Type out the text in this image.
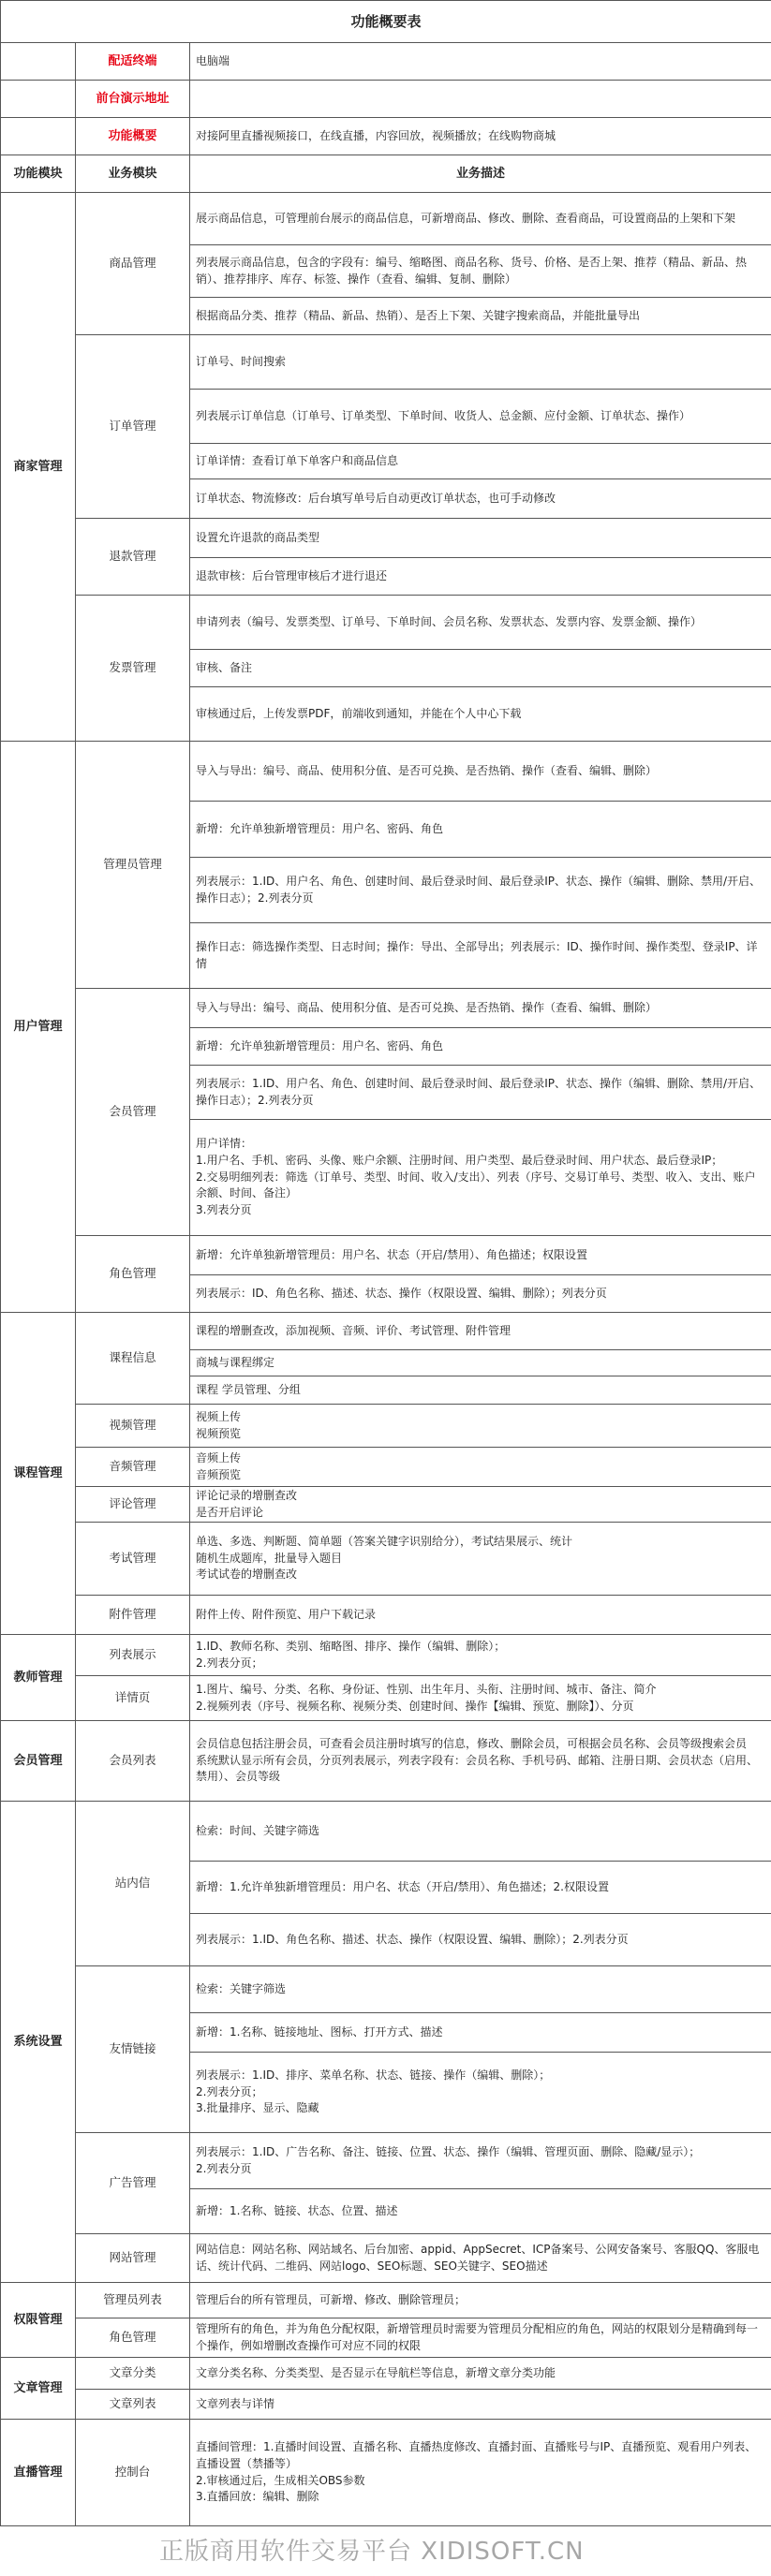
功能概要表		
	配适终端	电脑端
	前台演示地址	
	功能概要	对接阿里直播视频接口，在线直播，内容回放，视频播放；在线购物商城
功能模块	业务模块	业务描述
商家管理	商品管理	展示商品信息，可管理前台展示的商品信息，可新增商品、修改、删除、查看商品，可设置商品的上架和下架
		列表展示商品信息，包含的字段有：编号、缩略图、商品名称、货号、价格、是否上架、推荐（精品、新品、热销）、推荐排序、库存、标签、操作（查看、编辑、复制、删除）
		根据商品分类、推荐（精品、新品、热销）、是否上下架、关键字搜索商品，并能批量导出
	订单管理	订单号、时间搜索
		列表展示订单信息（订单号、订单类型、下单时间、收货人、总金额、应付金额、订单状态、操作）
		订单详情：查看订单下单客户和商品信息
		订单状态、物流修改：后台填写单号后自动更改订单状态，也可手动修改
	退款管理	设置允许退款的商品类型
		退款审核：后台管理审核后才进行退还
	发票管理	申请列表（编号、发票类型、订单号、下单时间、会员名称、发票状态、发票内容、发票金额、操作）
		审核、备注
		审核通过后，上传发票PDF，前端收到通知，并能在个人中心下载
用户管理	管理员管理	导入与导出：编号、商品、使用积分值、是否可兑换、是否热销、操作（查看、编辑、删除）
		新增：允许单独新增管理员：用户名、密码、角色
		列表展示：1.ID、用户名、角色、创建时间、最后登录时间、最后登录IP、状态、操作（编辑、删除、禁用/开启、操作日志）；2.列表分页
		操作日志：筛选操作类型、日志时间；操作：导出、全部导出；列表展示：ID、操作时间、操作类型、登录IP、详情
	会员管理	导入与导出：编号、商品、使用积分值、是否可兑换、是否热销、操作（查看、编辑、删除）
		新增：允许单独新增管理员：用户名、密码、角色
		列表展示：1.ID、用户名、角色、创建时间、最后登录时间、最后登录IP、状态、操作（编辑、删除、禁用/开启、操作日志）；2.列表分页
		用户详情：
1.用户名、手机、密码、头像、账户余额、注册时间、用户类型、最后登录时间、用户状态、最后登录IP；
2.交易明细列表：筛选（订单号、类型、时间、收入/支出）、列表（序号、交易订单号、类型、收入、支出、账户余额、时间、备注）
3.列表分页
	角色管理	新增：允许单独新增管理员：用户名、状态（开启/禁用）、角色描述；权限设置
		列表展示：ID、角色名称、描述、状态、操作（权限设置、编辑、删除）；列表分页
课程管理	课程信息	课程的增删查改，添加视频、音频、评价、考试管理、附件管理
		商城与课程绑定
		课程 学员管理、分组
	视频管理	视频上传
视频预览
	音频管理	音频上传
音频预览
	评论管理	评论记录的增删查改
是否开启评论
	考试管理	单选、多选、判断题、简单题（答案关键字识别给分），考试结果展示、统计
随机生成题库，批量导入题目
考试试卷的增删查改
	附件管理	附件上传、附件预览、用户下载记录
教师管理	列表展示	1.ID、教师名称、类别、缩略图、排序、操作（编辑、删除）；
2.列表分页；
	详情页	1.图片、编号、分类、名称、身份证、性别、出生年月、头衔、注册时间、城市、备注、简介
2.视频列表（序号、视频名称、视频分类、创建时间、操作【编辑、预览、删除】）、分页
会员管理	会员列表	会员信息包括注册会员，可查看会员注册时填写的信息，修改、删除会员，可根据会员名称、会员等级搜索会员
系统默认显示所有会员，分页列表展示，列表字段有：会员名称、手机号码、邮箱、注册日期、会员状态（启用、禁用）、会员等级
系统设置	站内信	检索：时间、关键字筛选
		新增：1.允许单独新增管理员：用户名、状态（开启/禁用）、角色描述；2.权限设置
		列表展示：1.ID、角色名称、描述、状态、操作（权限设置、编辑、删除）；2.列表分页
	友情链接	检索：关键字筛选
		新增：1.名称、链接地址、图标、打开方式、描述
		列表展示：1.ID、排序、菜单名称、状态、链接、操作（编辑、删除）；
2.列表分页；
3.批量排序、显示、隐藏
	广告管理	列表展示：1.ID、广告名称、备注、链接、位置、状态、操作（编辑、管理页面、删除、隐藏/显示）；
2.列表分页
		新增：1.名称、链接、状态、位置、描述
	网站管理	网站信息：网站名称、网站域名、后台加密、appid、AppSecret、ICP备案号、公网安备案号、客服QQ、客服电话、统计代码、二维码、网站logo、SEO标题、SEO关键字、SEO描述
权限管理	管理员列表	管理后台的所有管理员，可新增、修改、删除管理员；
	角色管理	管理所有的角色，并为角色分配权限，新增管理员时需要为管理员分配相应的角色，网站的权限划分是精确到每一个操作，例如增删改查操作可对应不同的权限
文章管理	文章分类	文章分类名称、分类类型、是否显示在导航栏等信息，新增文章分类功能
	文章列表	文章列表与详情
直播管理	控制台	直播间管理：1.直播时间设置、直播名称、直播热度修改、直播封面、直播账号与IP、直播预览、观看用户列表、直播设置（禁播等）
2.审核通过后，生成相关OBS参数
3.直播回放：编辑、删除
正版商用软件交易平台 XIDISOFT.CN
